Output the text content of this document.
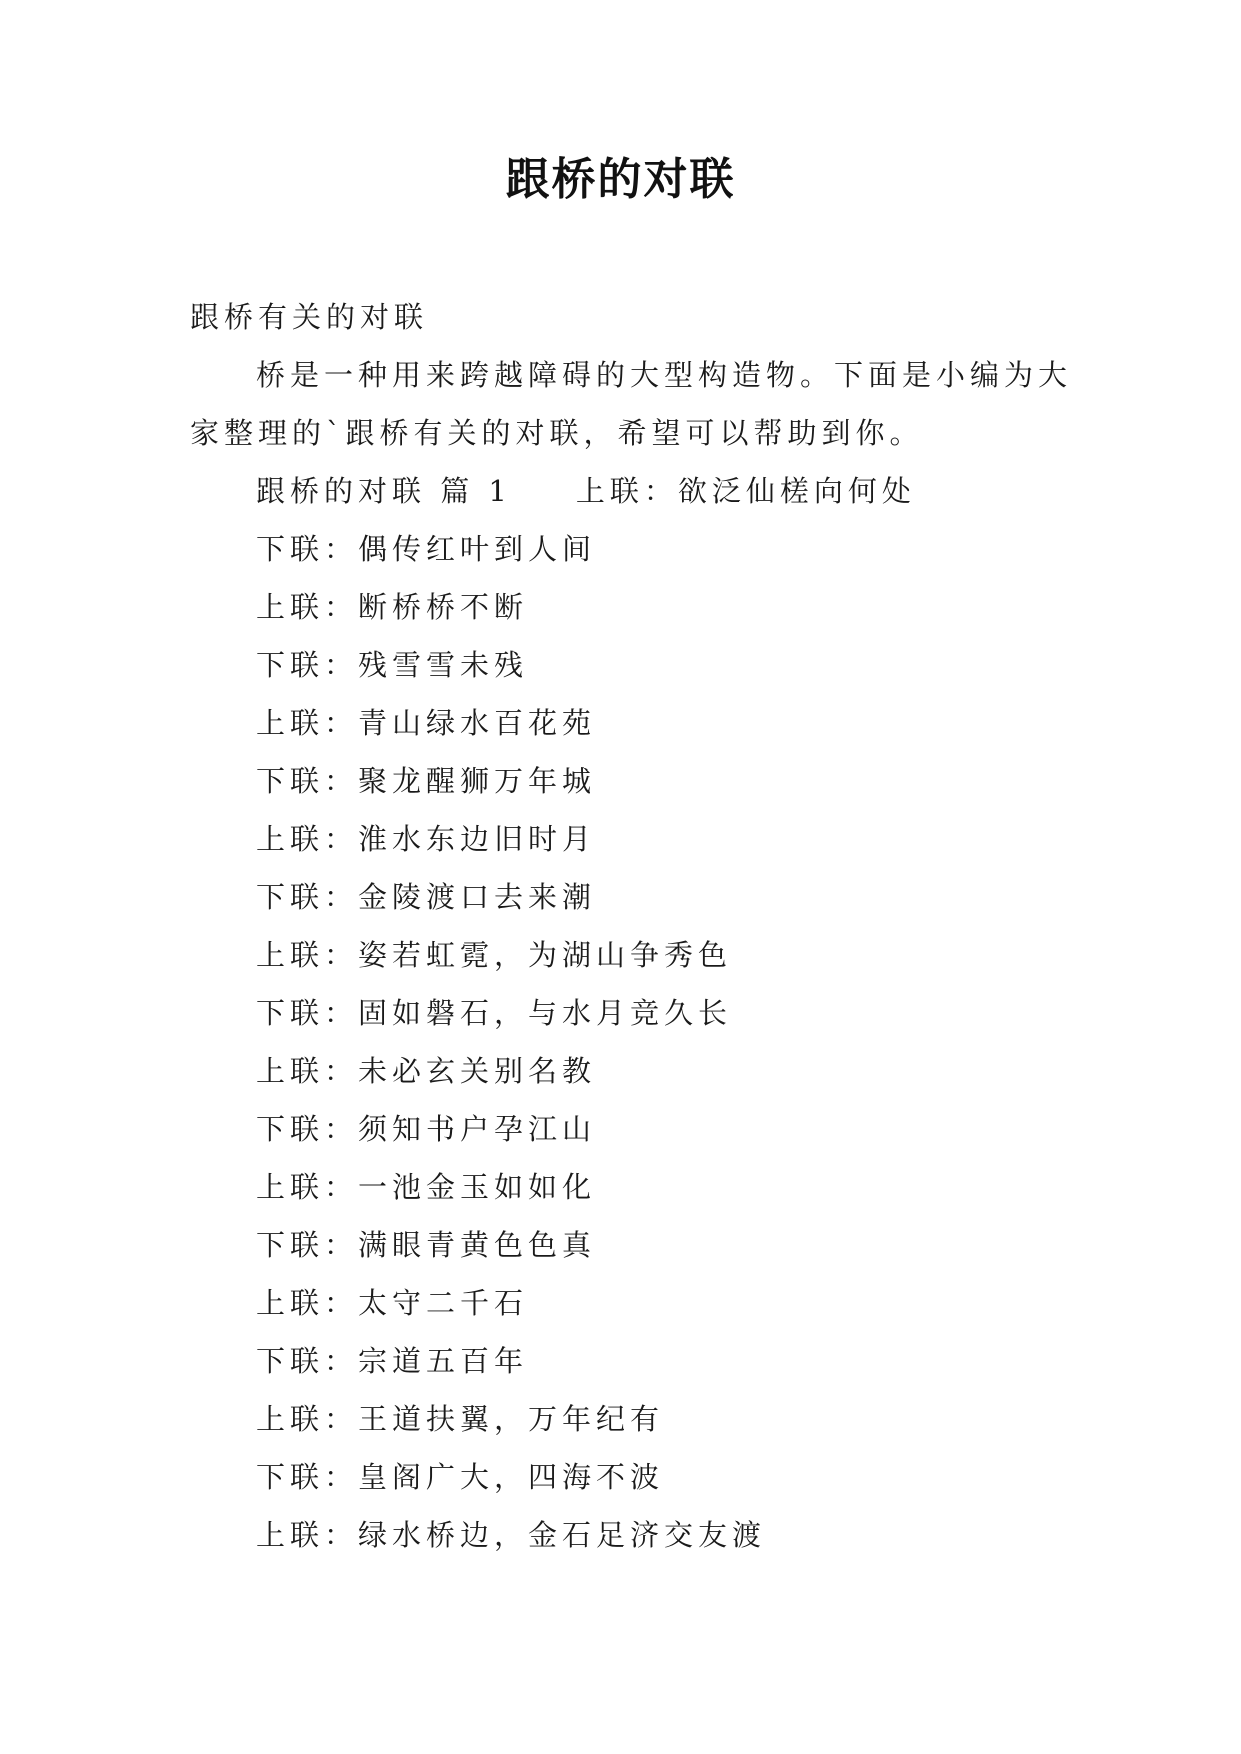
跟桥的对联
跟桥有关的对联
桥是一种用来跨越障碍的大型构造物。下面是小编为大
家整理的`跟桥有关的对联，希望可以帮助到你。
跟桥的对联 篇 1 上联：欲泛仙槎向何处
下联：偶传红叶到人间
上联：断桥桥不断
下联：残雪雪未残
上联：青山绿水百花苑
下联：聚龙醒狮万年城
上联：淮水东边旧时月
下联：金陵渡口去来潮
上联：姿若虹霓，为湖山争秀色
下联：固如磐石，与水月竞久长
上联：未必玄关别名教
下联：须知书户孕江山
上联：一池金玉如如化
下联：满眼青黄色色真
上联：太守二千石
下联：宗道五百年
上联：王道扶翼，万年纪有
下联：皇阁广大，四海不波
上联：绿水桥边，金石足济交友渡
